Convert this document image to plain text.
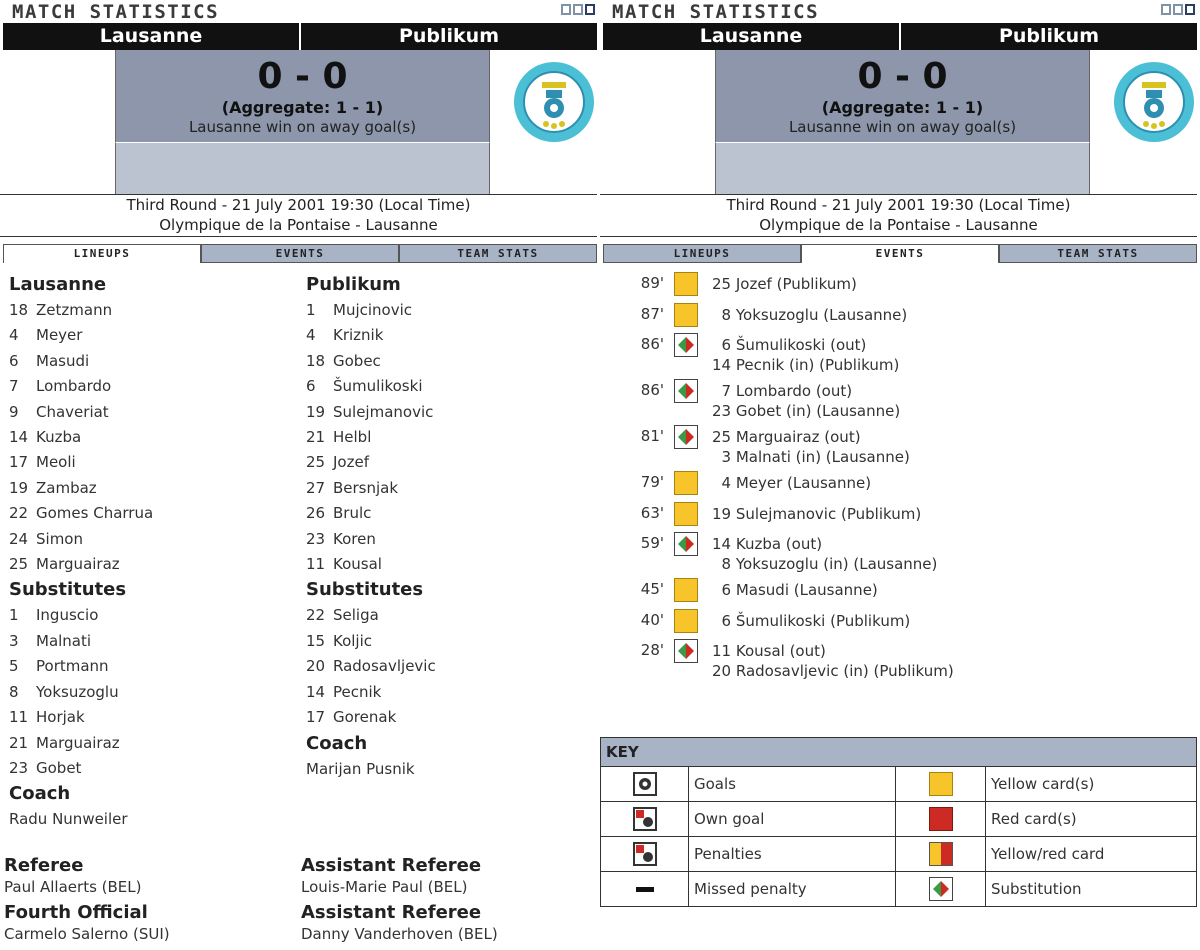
MATCH STATISTICS
Lausanne	Publikum
0 - 0
(Aggregate: 1 - 1)
Lausanne win on away goal(s)
Third Round - 21 July 2001 19:30 (Local Time)
Olympique de la Pontaise - Lausanne
LINEUPS	EVENTS	TEAM STATS
Lausanne
18 Zetzmann
4 Meyer
6 Masudi
7 Lombardo
9 Chaveriat
14 Kuzba
17 Meoli
19 Zambaz
22 Gomes Charrua
24 Simon
25 Marguairaz
Substitutes
1 Inguscio
3 Malnati
5 Portmann
8 Yoksuzoglu
11 Horjak
21 Marguairaz
23 Gobet
Coach
Radu Nunweiler
Publikum
1 Mujcinovic
4 Kriznik
18 Gobec
6 Šumulikoski
19 Sulejmanovic
21 Helbl
25 Jozef
27 Bersnjak
26 Brulc
23 Koren
11 Kousal
Substitutes
22 Seliga
15 Koljic
20 Radosavljevic
14 Pecnik
17 Gorenak
Coach
Marijan Pusnik
Referee
Paul Allaerts (BEL)
Assistant Referee
Louis-Marie Paul (BEL)
Fourth Official
Carmelo Salerno (SUI)
Assistant Referee
Danny Vanderhoven (BEL)
MATCH STATISTICS
Lausanne	Publikum
0 - 0
(Aggregate: 1 - 1)
Lausanne win on away goal(s)
Third Round - 21 July 2001 19:30 (Local Time)
Olympique de la Pontaise - Lausanne
LINEUPS	EVENTS	TEAM STATS
89'	25 Jozef (Publikum)
87'	8 Yoksuzoglu (Lausanne)
86'	6 Šumulikoski (out)
14 Pecnik (in) (Publikum)
86'	7 Lombardo (out)
23 Gobet (in) (Lausanne)
81'	25 Marguairaz (out)
3 Malnati (in) (Lausanne)
79'	4 Meyer (Lausanne)
63'	19 Sulejmanovic (Publikum)
59'	14 Kuzba (out)
8 Yoksuzoglu (in) (Lausanne)
45'	6 Masudi (Lausanne)
40'	6 Šumulikoski (Publikum)
28'	11 Kousal (out)
20 Radosavljevic (in) (Publikum)
KEY
Goals	Yellow card(s)
Own goal	Red card(s)
Penalties	Yellow/red card
Missed penalty	Substitution
